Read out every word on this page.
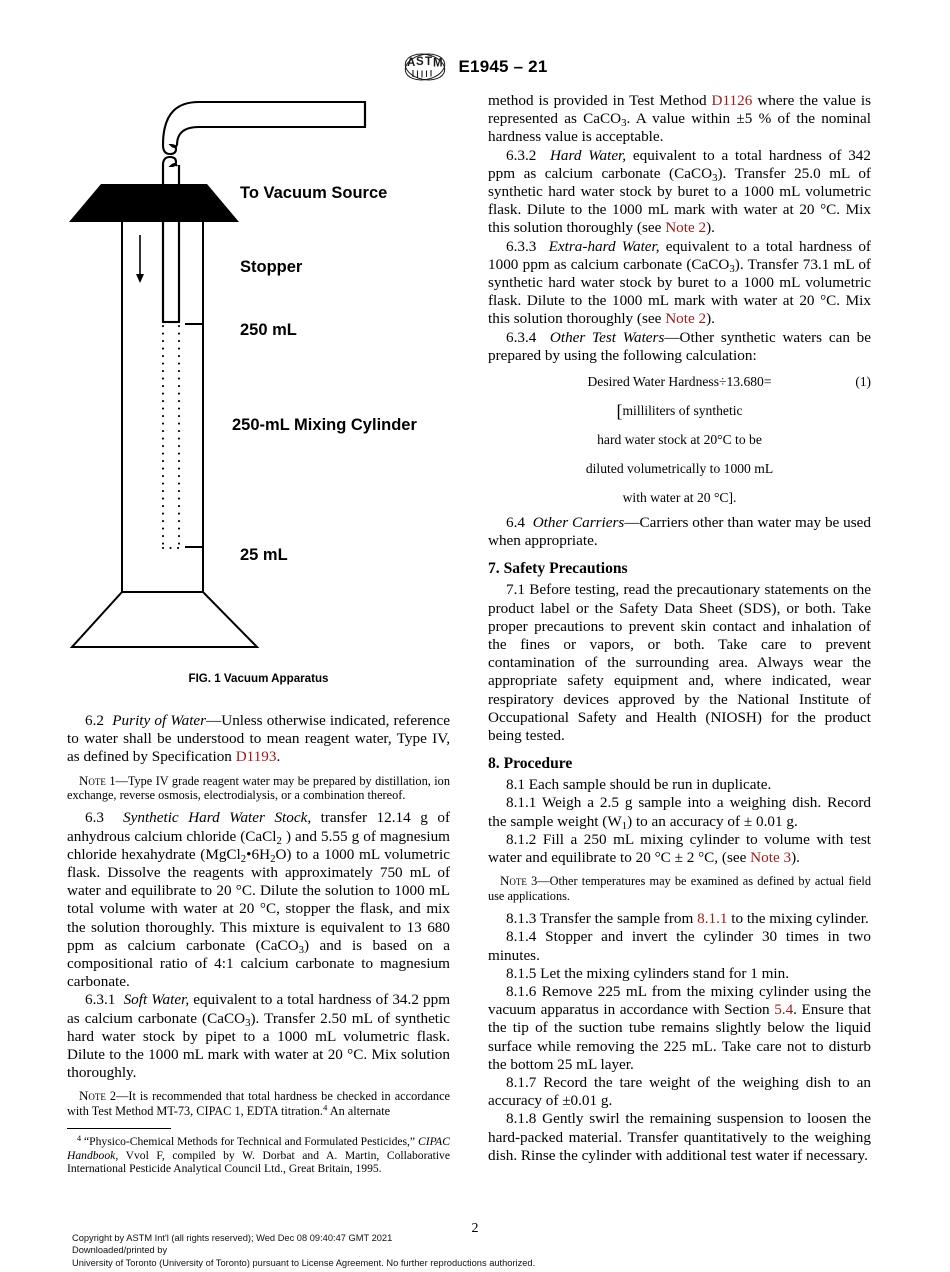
A S T M E1945 – 21
To Vacuum Source
Stopper
250 mL
250-mL Mixing Cylinder
25 mL
FIG. 1 Vacuum Apparatus

6.2 Purity of Water—Unless otherwise indicated, reference to water shall be understood to mean reagent water, Type IV, as defined by Specification D1193.

Note 1—Type IV grade reagent water may be prepared by distillation, ion exchange, reverse osmosis, electrodialysis, or a combination thereof.

6.3 Synthetic Hard Water Stock, transfer 12.14 g of anhydrous calcium chloride (CaCl$_2$ ) and 5.55 g of magnesium chloride hexahydrate $(MgCl_2•6H_2O)$ to a 1000 mL volumetric flask. Dissolve the reagents with approximately 750 mL of water and equilibrate to 20 °C. Dilute the solution to 1000 mL total volume with water at 20 °C, stopper the flask, and mix the solution thoroughly. This mixture is equivalent to 13 680 ppm as calcium carbonate (CaCO$_3$) and is based on a compositional ratio of 4:1 calcium carbonate to magnesium carbonate.

6.3.1 Soft Water, equivalent to a total hardness of 34.2 ppm as calcium carbonate (CaCO$_3$). Transfer 2.50 mL of synthetic hard water stock by pipet to a 1000 mL volumetric flask. Dilute to the 1000 mL mark with water at 20 °C. Mix solution thoroughly.

Note 2—It is recommended that total hardness be checked in accordance with Test Method MT-73, CIPAC 1, EDTA titration.$^4$ An alternate

$^4$ “Physico-Chemical Methods for Technical and Formulated Pesticides,” CIPAC Handbook, Vvol F, compiled by W. Dorbat and A. Martin, Collaborative International Pesticide Analytical Council Ltd., Great Britain, 1995.

method is provided in Test Method D1126 where the value is represented as CaCO$_3$. A value within ±5 % of the nominal hardness value is acceptable.

6.3.2 Hard Water, equivalent to a total hardness of 342 ppm as calcium carbonate (CaCO$_3$). Transfer 25.0 mL of synthetic hard water stock by buret to a 1000 mL volumetric flask. Dilute to the 1000 mL mark with water at 20 °C. Mix this solution thoroughly (see Note 2).

6.3.3 Extra-hard Water, equivalent to a total hardness of 1000 ppm as calcium carbonate (CaCO$_3$). Transfer 73.1 mL of synthetic hard water stock by buret to a 1000 mL volumetric flask. Dilute to the 1000 mL mark with water at 20 °C. Mix this solution thoroughly (see Note 2).

6.3.4 Other Test Waters—Other synthetic waters can be prepared by using the following calculation:

Desired Water Hardness÷13.680=	(1)
[milliliters of synthetic
hard water stock at 20°C to be
diluted volumetrically to 1000 mL
with water at 20 °C].

6.4 Other Carriers—Carriers other than water may be used when appropriate.

7. Safety Precautions

7.1 Before testing, read the precautionary statements on the product label or the Safety Data Sheet (SDS), or both. Take proper precautions to prevent skin contact and inhalation of the fines or vapors, or both. Take care to prevent contamination of the surrounding area. Always wear the appropriate safety equipment and, where indicated, wear respiratory devices approved by the National Institute of Occupational Safety and Health (NIOSH) for the product being tested.

8. Procedure

8.1 Each sample should be run in duplicate.

8.1.1 Weigh a 2.5 g sample into a weighing dish. Record the sample weight $(W_1)$ to an accuracy of ± 0.01 g.

8.1.2 Fill a 250 mL mixing cylinder to volume with test water and equilibrate to 20 °C ± 2 °C, (see Note 3).

Note 3—Other temperatures may be examined as defined by actual field use applications.

8.1.3 Transfer the sample from 8.1.1 to the mixing cylinder.

8.1.4 Stopper and invert the cylinder 30 times in two minutes.

8.1.5 Let the mixing cylinders stand for 1 min.

8.1.6 Remove 225 mL from the mixing cylinder using the vacuum apparatus in accordance with Section 5.4. Ensure that the tip of the suction tube remains slightly below the liquid surface while removing the 225 mL. Take care not to disturb the bottom 25 mL layer.

8.1.7 Record the tare weight of the weighing dish to an accuracy of ±0.01 g.

8.1.8 Gently swirl the remaining suspension to loosen the hard-packed material. Transfer quantitatively to the weighing dish. Rinse the cylinder with additional test water if necessary.

2
Copyright by ASTM Int'l (all rights reserved); Wed Dec 08 09:40:47 GMT 2021
Downloaded/printed by
University of Toronto (University of Toronto) pursuant to License Agreement. No further reproductions authorized.
